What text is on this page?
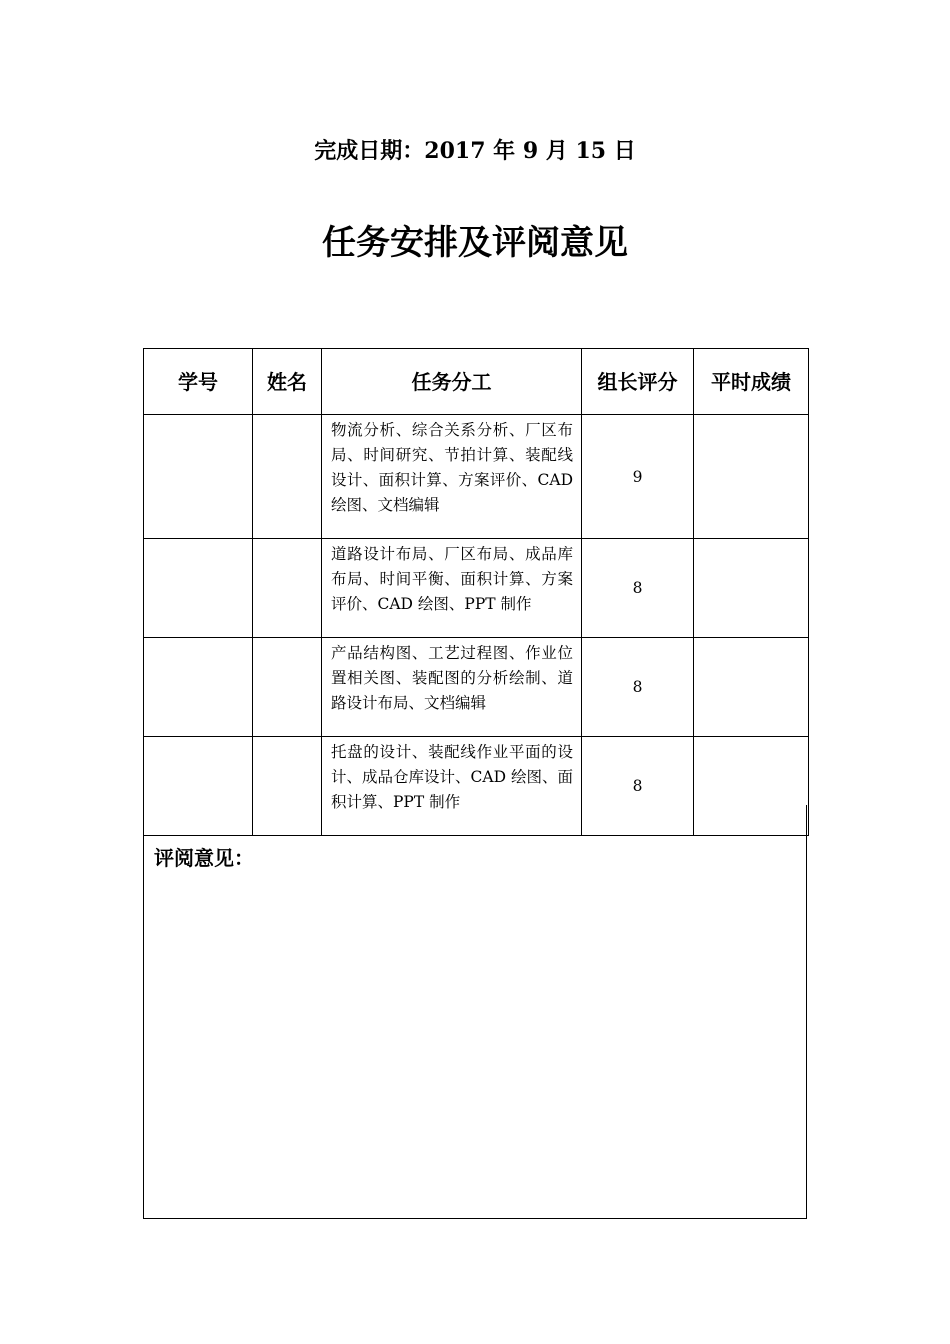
完成日期：2017 年 9 月 15 日
任务安排及评阅意见
学号	姓名	任务分工	组长评分	平时成绩
		物流分析、综合关系分析、厂区布局、时间研究、节拍计算、装配线设计、面积计算、方案评价、CAD 绘图、文档编辑	9	
		道路设计布局、厂区布局、成品库布局、时间平衡、面积计算、方案评价、CAD 绘图、PPT 制作	8	
		产品结构图、工艺过程图、作业位置相关图、装配图的分析绘制、道路设计布局、文档编辑	8	
		托盘的设计、装配线作业平面的设计、成品仓库设计、CAD 绘图、面积计算、PPT 制作	8	
评阅意见：
